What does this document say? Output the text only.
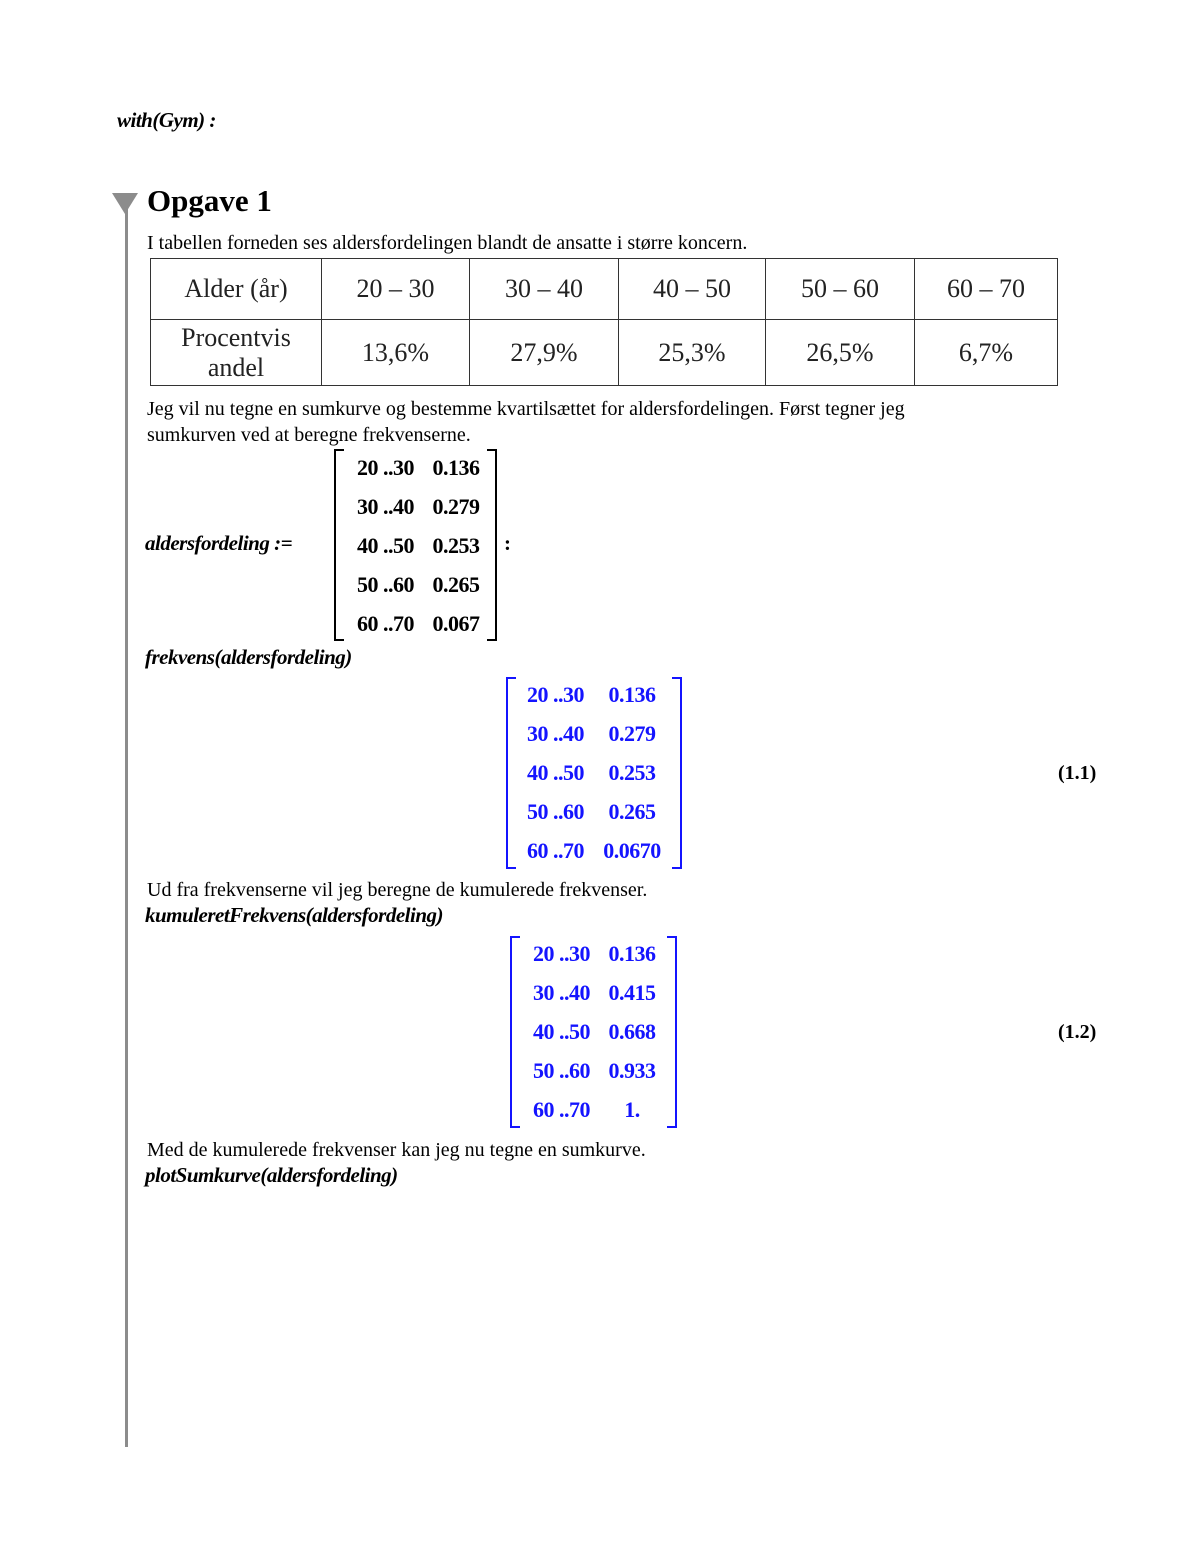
with(Gym) :
Opgave 1
I tabellen forneden ses aldersfordelingen blandt de ansatte i større koncern.
Alder (år)	20 – 30	30 – 40	40 – 50	50 – 60	60 – 70

Procentvis
andel	13,6%	27,9%	25,3%	26,5%	6,7%
Jeg vil nu tegne en sumkurve og bestemme kvartilsættet for aldersfordelingen. Først tegner jeg
sumkurven ved at beregne frekvenserne.
aldersfordeling :=
20 ..30 0.136
30 ..40 0.279
40 ..50 0.253
50 ..60 0.265
60 ..70 0.067
:
frekvens(aldersfordeling)
20 ..30	0.136
30 ..40	0.279
40 ..50	0.253
50 ..60	0.265
60 ..70 0.0670
(1.1)
Ud fra frekvenserne vil jeg beregne de kumulerede frekvenser.
kumuleretFrekvens(aldersfordeling)
20 ..30 0.136
30 ..40 0.415
40 ..50 0.668
50 ..60 0.933
60 ..70	1.
(1.2)
Med de kumulerede frekvenser kan jeg nu tegne en sumkurve.
plotSumkurve(aldersfordeling)
